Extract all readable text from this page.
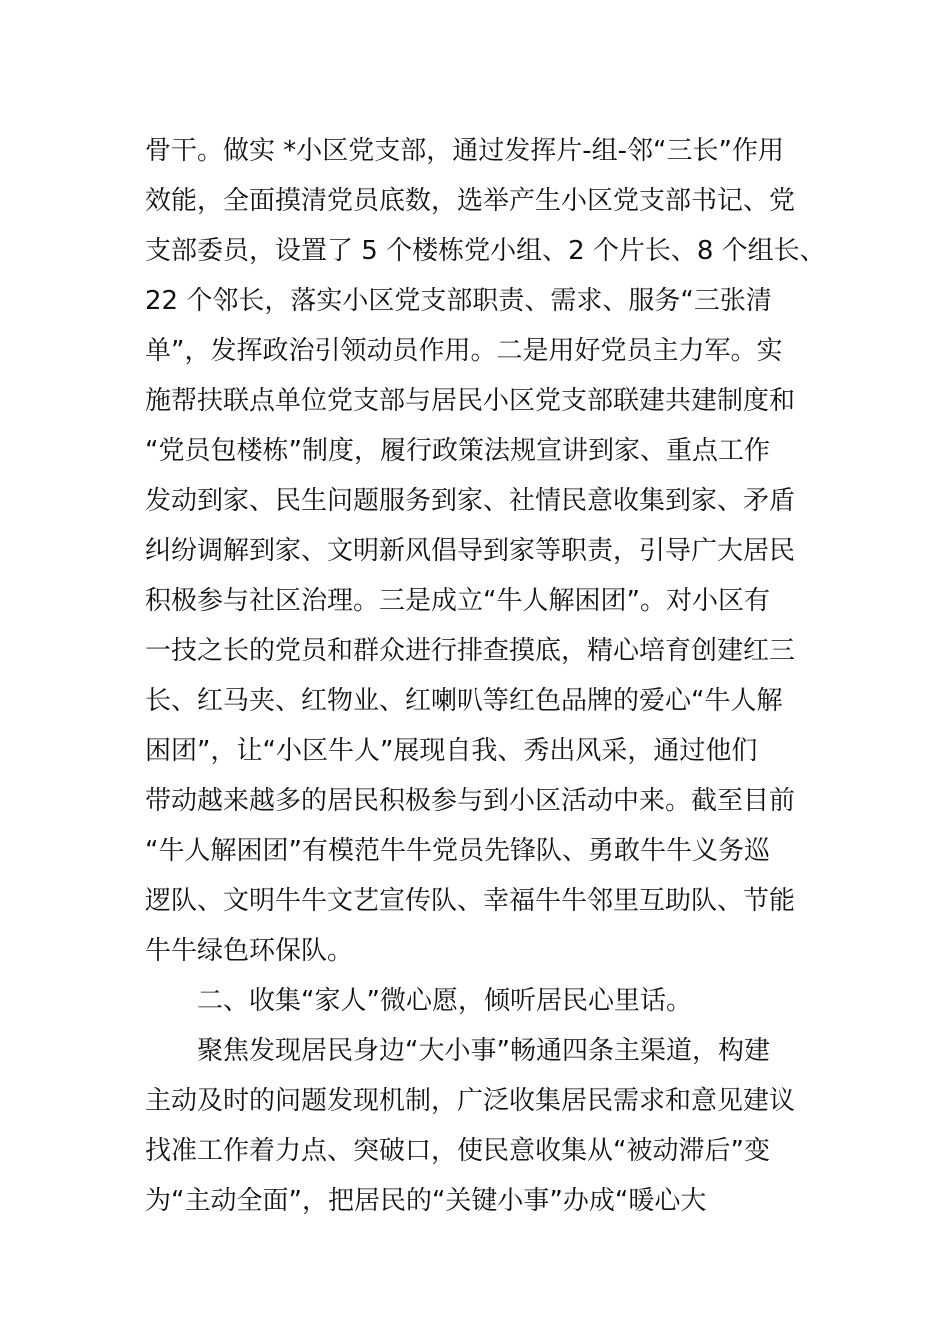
骨干。做实 *小区党支部，通过发挥片-组-邻“三长”作用
效能，全面摸清党员底数，选举产生小区党支部书记、党
支部委员，设置了 5 个楼栋党小组、2 个片长、8 个组长、
22 个邻长，落实小区党支部职责、需求、服务“三张清
单”，发挥政治引领动员作用。二是用好党员主力军。实
施帮扶联点单位党支部与居民小区党支部联建共建制度和
“党员包楼栋”制度，履行政策法规宣讲到家、重点工作
发动到家、民生问题服务到家、社情民意收集到家、矛盾
纠纷调解到家、文明新风倡导到家等职责，引导广大居民
积极参与社区治理。三是成立“牛人解困团”。对小区有
一技之长的党员和群众进行排查摸底，精心培育创建红三
长、红马夹、红物业、红喇叭等红色品牌的爱心“牛人解
困团”，让“小区牛人”展现自我、秀出风采，通过他们
带动越来越多的居民积极参与到小区活动中来。截至目前
“牛人解困团”有模范牛牛党员先锋队、勇敢牛牛义务巡
逻队、文明牛牛文艺宣传队、幸福牛牛邻里互助队、节能
牛牛绿色环保队。
二、收集“家人”微心愿，倾听居民心里话。
聚焦发现居民身边“大小事”畅通四条主渠道，构建
主动及时的问题发现机制，广泛收集居民需求和意见建议
找准工作着力点、突破口，使民意收集从“被动滞后”变
为“主动全面”，把居民的“关键小事”办成“暖心大
